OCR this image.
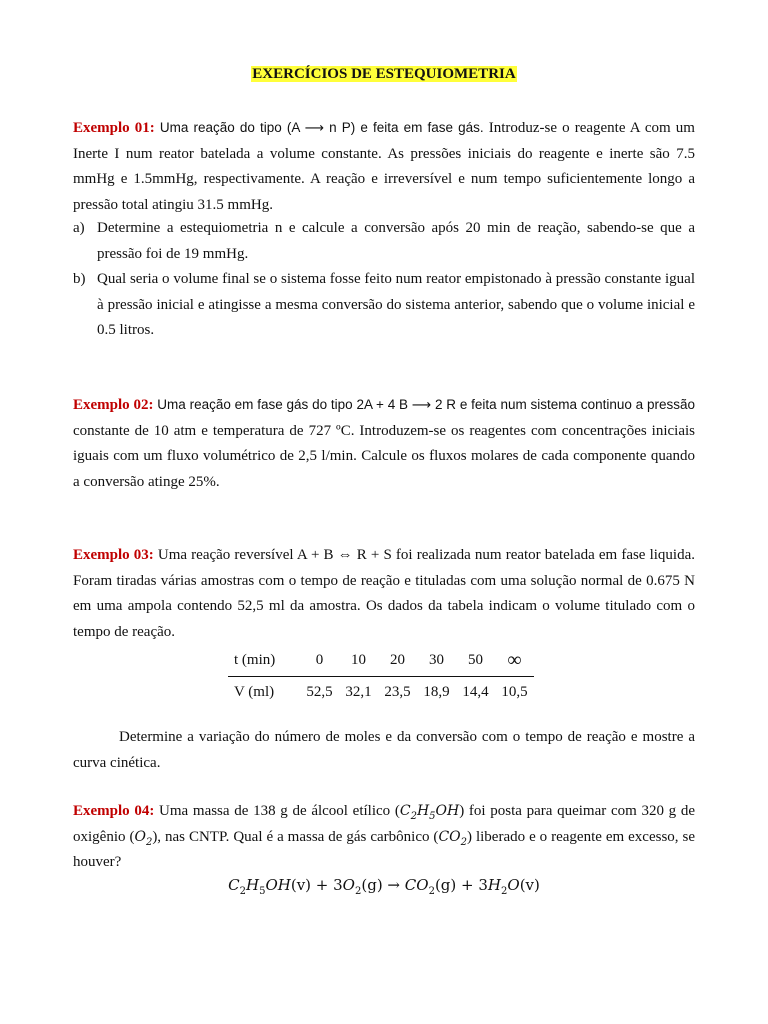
EXERCÍCIOS DE ESTEQUIOMETRIA
Exemplo 01: Uma reação do tipo (A ⟶ n P) e feita em fase gás. Introduz-se o reagente A com um Inerte I num reator batelada a volume constante. As pressões iniciais do reagente e inerte são 7.5 mmHg e 1.5mmHg, respectivamente. A reação e irreversível e num tempo suficientemente longo a pressão total atingiu 31.5 mmHg.
a) Determine a estequiometria n e calcule a conversão após 20 min de reação, sabendo-se que a pressão foi de 19 mmHg.
b) Qual seria o volume final se o sistema fosse feito num reator empistonado à pressão constante igual à pressão inicial e atingisse a mesma conversão do sistema anterior, sabendo que o volume inicial e 0.5 litros.
Exemplo 02: Uma reação em fase gás do tipo 2A + 4 B ⟶ 2 R e feita num sistema continuo a pressão constante de 10 atm e temperatura de 727 ºC. Introduzem-se os reagentes com concentrações iniciais iguais com um fluxo volumétrico de 2,5 l/min. Calcule os fluxos molares de cada componente quando a conversão atinge 25%.
Exemplo 03: Uma reação reversível A + B ⇔ R + S foi realizada num reator batelada em fase liquida. Foram tiradas várias amostras com o tempo de reação e tituladas com uma solução normal de 0.675 N em uma ampola contendo 52,5 ml da amostra. Os dados da tabela indicam o volume titulado com o tempo de reação.
t (min)	0	10	20	30	50	∞
V (ml)	52,5	32,1	23,5	18,9	14,4	10,5
Determine a variação do número de moles e da conversão com o tempo de reação e mostre a curva cinética.
Exemplo 04: Uma massa de 138 g de álcool etílico $(C_2H_5OH)$ foi posta para queimar com 320 g de oxigênio $(O_2)$, nas CNTP. Qual é a massa de gás carbônico $(CO_2)$ liberado e o reagente em excesso, se houver?
$C_2H_5OH(v) + 3O_2(g) \to CO_2(g) + 3H_2O(v)$
